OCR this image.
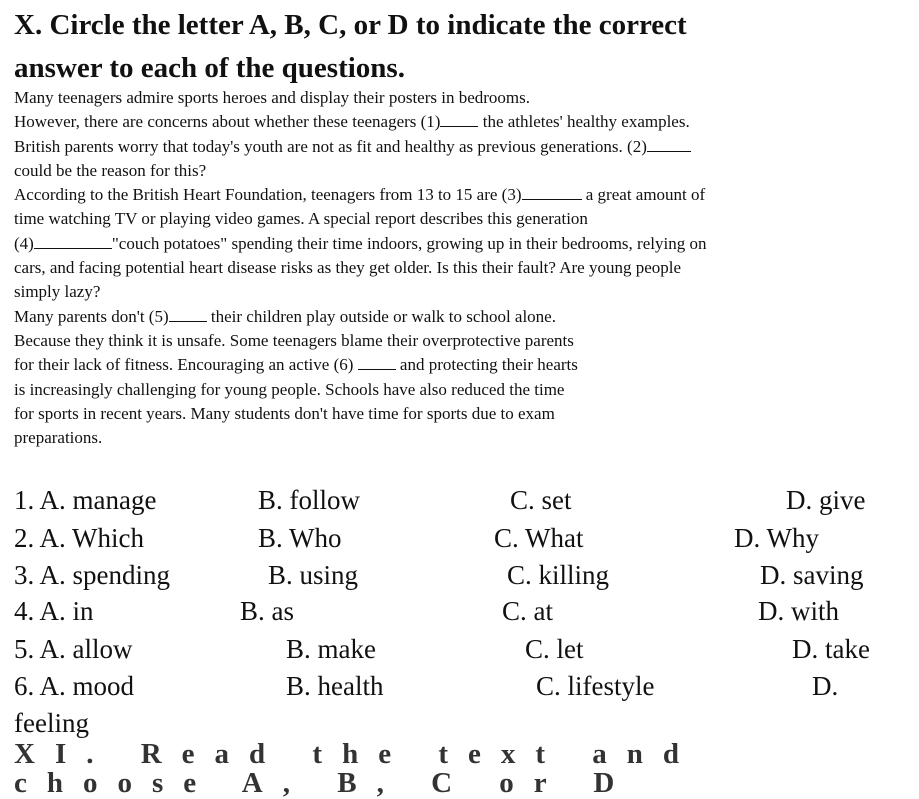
X. Circle the letter A, B, C, or D to indicate the correct
answer to each of the questions.
Many teenagers admire sports heroes and display their posters in bedrooms.
However, there are concerns about whether these teenagers (1) the athletes' healthy examples.
British parents worry that today's youth are not as fit and healthy as previous generations. (2)
could be the reason for this?
According to the British Heart Foundation, teenagers from 13 to 15 are (3)	a great amount of
time watching TV or playing video games. A special report describes this generation
(4)	"couch potatoes" spending their time indoors, growing up in their bedrooms, relying on
cars, and facing potential heart disease risks as they get older. Is this their fault? Are young people
simply lazy?
Many parents don't (5) their children play outside or walk to school alone.
Because they think it is unsafe. Some teenagers blame their overprotective parents
for their lack of fitness. Encouraging an active (6)  and protecting their hearts
is increasingly challenging for young people. Schools have also reduced the time
for sports in recent years. Many students don't have time for sports due to exam
preparations.
1. A. manage	B. follow	C. set	D. give
2. A. Which	B. Who	C. What	D. Why
3. A. spending	B. using	C. killing	D. saving
4. A. in	B. as	C. at	D. with
5. A. allow	B. make	C. let	D. take
6. A. mood	B. health	C. lifestyle	D.
feeling
XI. Read the text and choose A, B, C or D
